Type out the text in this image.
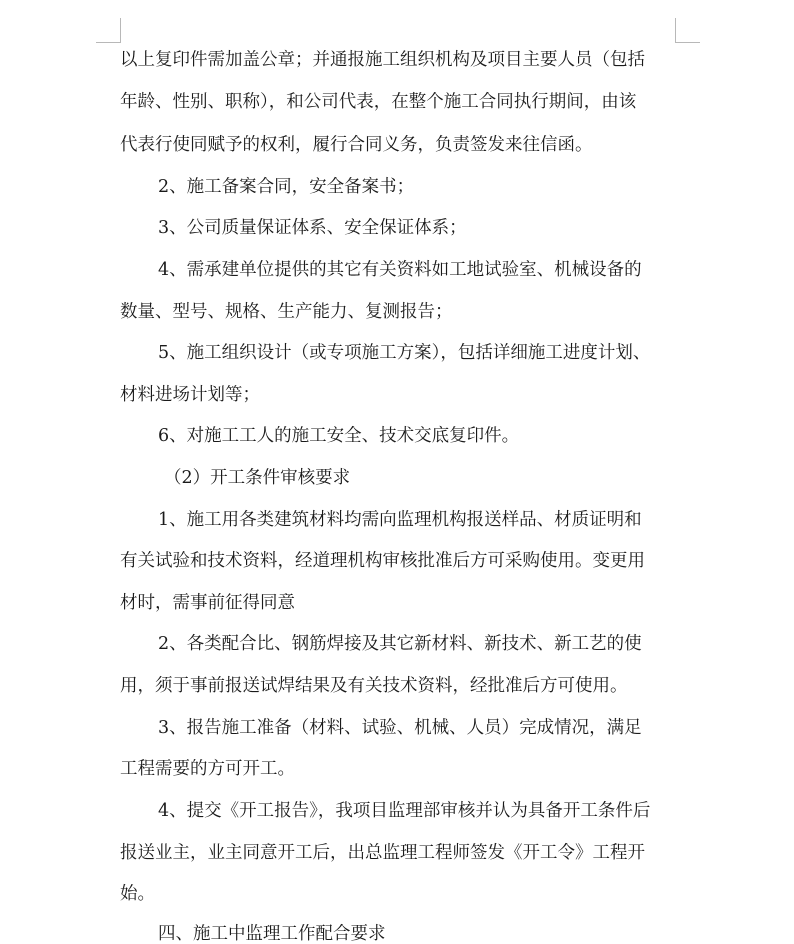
以上复印件需加盖公章；并通报施工组织机构及项目主要人员（包括
年龄、性别、职称），和公司代表，在整个施工合同执行期间，由该
代表行使同赋予的权利，履行合同义务，负责签发来往信函。
2、施工备案合同，安全备案书；
3、公司质量保证体系、安全保证体系；
4、需承建单位提供的其它有关资料如工地试验室、机械设备的
数量、型号、规格、生产能力、复测报告；
5、施工组织设计（或专项施工方案），包括详细施工进度计划、
材料进场计划等；
6、对施工工人的施工安全、技术交底复印件。
（2）开工条件审核要求
1、施工用各类建筑材料均需向监理机构报送样品、材质证明和
有关试验和技术资料，经道理机构审核批准后方可采购使用。变更用
材时，需事前征得同意
2、各类配合比、钢筋焊接及其它新材料、新技术、新工艺的使
用，须于事前报送试焊结果及有关技术资料，经批准后方可使用。
3、报告施工准备（材料、试验、机械、人员）完成情况，满足
工程需要的方可开工。
4、提交《开工报告》，我项目监理部审核并认为具备开工条件后
报送业主，业主同意开工后，出总监理工程师签发《开工令》工程开
始。
四、施工中监理工作配合要求
